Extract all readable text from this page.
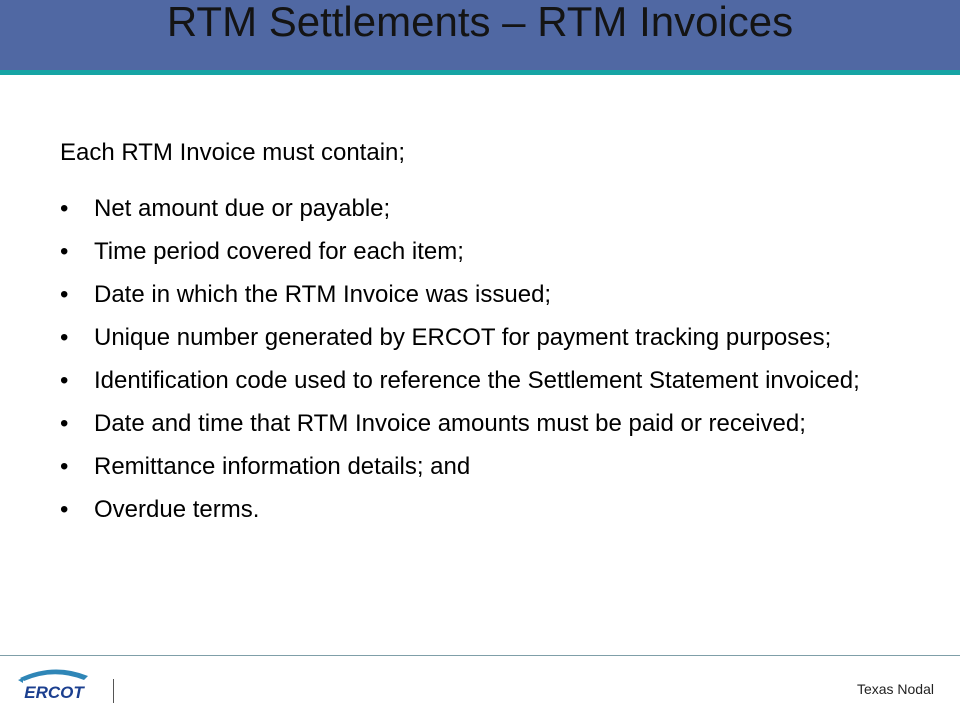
RTM Settlements – RTM Invoices
Each RTM Invoice must contain;
• Net amount due or payable;
• Time period covered for each item;
• Date in which the RTM Invoice was issued;
• Unique number generated by ERCOT for payment tracking purposes;
• Identification code used to reference the Settlement Statement invoiced;
• Date and time that RTM Invoice amounts must be paid or received;
• Remittance information details; and
• Overdue terms.
ERCOT	Texas Nodal
